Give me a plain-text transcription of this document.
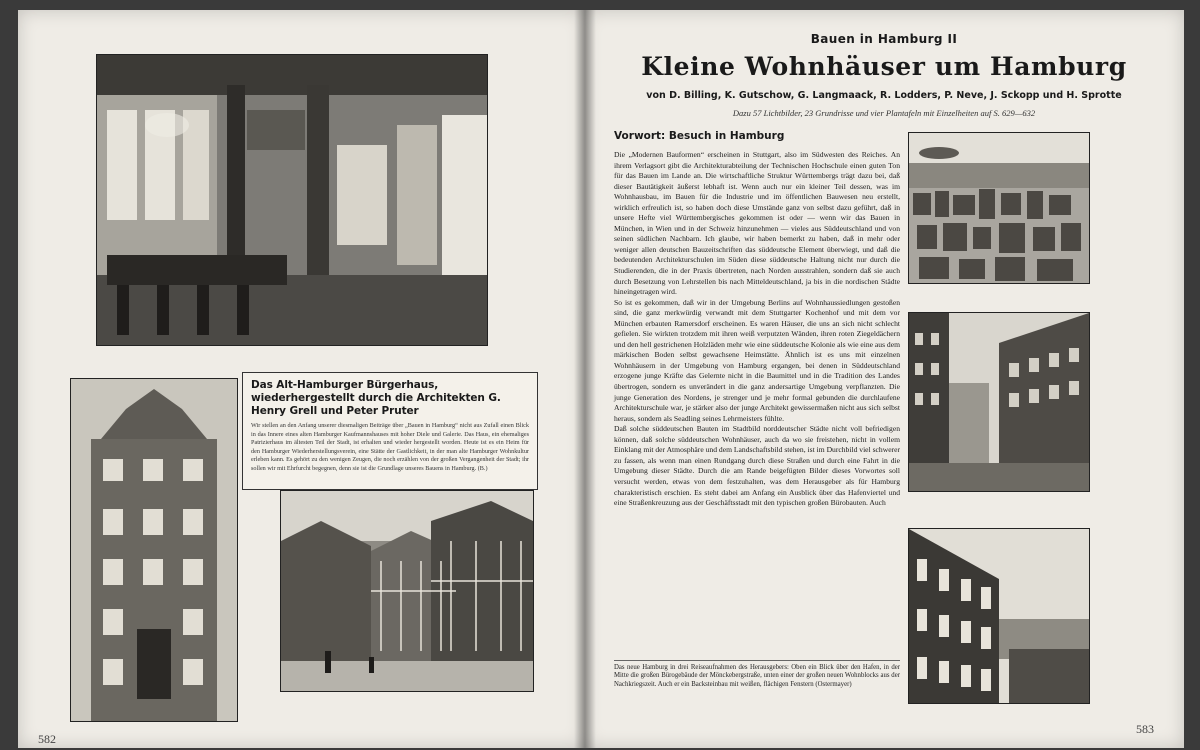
Das Alt-Hamburger Bürgerhaus, wiederhergestellt durch die Architekten G. Henry Grell und Peter Pruter

Wir stellen an den Anfang unserer diesmaligen Beiträge über „Bauen in Hamburg“ nicht aus Zufall einen Blick in das Innere eines alten Hamburger Kaufmannshauses mit hoher Diele und Galerie. Das Haus, ein ehemaliges Patrizierhaus im ältesten Teil der Stadt, ist erhalten und wieder hergestellt worden. Heute ist es ein Heim für den Hamburger Wiederherstellungsverein, eine Stätte der Gastlichkeit, in der man alte Hamburger Wohnkultur erleben kann. Es gehört zu den wenigen Zeugen, die noch erzählen von der großen Vergangenheit der Stadt; ihr sollen wir mit Ehrfurcht begegnen, denn sie ist die Grundlage unseres Bauens in Hamburg. (B.)

582
Bauen in Hamburg II
Kleine Wohnhäuser um Hamburg
von D. Billing, K. Gutschow, G. Langmaack, R. Lodders, P. Neve, J. Sckopp und H. Sprotte
Dazu 57 Lichtbilder, 23 Grundrisse und vier Plantafeln mit Einzelheiten auf S. 629—632
Vorwort: Besuch in Hamburg

Die „Modernen Bauformen“ erscheinen in Stuttgart, also im Südwesten des Reiches. An ihrem Verlagsort gibt die Architekturabteilung der Technischen Hochschule einen guten Ton für das Bauen im Lande an. Die wirtschaftliche Struktur Württembergs trägt dazu bei, daß dieser Bautätigkeit äußerst lebhaft ist. Wenn auch nur ein kleiner Teil dessen, was im Wohnhausbau, im Bauen für die Industrie und im öffentlichen Bauwesen neu erstellt, wirklich erfreulich ist, so haben doch diese Umstände ganz von selbst dazu geführt, daß in unsere Hefte viel Württembergisches gekommen ist oder — wenn wir das Bauen in München, in Wien und in der Schweiz hinzunehmen — vieles aus Süddeutschland und von seinen südlichen Nachbarn. Ich glaube, wir haben bemerkt zu haben, daß in mehr oder weniger allen deutschen Bauzeitschriften das süddeutsche Element überwiegt, und daß die bedeutenden Architekturschulen im Süden diese süddeutsche Haltung nicht nur durch die Studierenden, die in der Praxis übertreten, nach Norden ausstrahlen, sondern daß sie auch durch Besetzung von Lehrstellen bis nach Mitteldeutschland, ja bis in die nordischen Städte hineingetragen wird.

So ist es gekommen, daß wir in der Umgebung Berlins auf Wohnhaussiedlungen gestoßen sind, die ganz merkwürdig verwandt mit dem Stuttgarter Kochenhof und mit dem vor München erbauten Ramersdorf erscheinen. Es waren Häuser, die uns an sich nicht schlecht gefielen. Sie wirkten trotzdem mit ihren weiß verputzten Wänden, ihren roten Ziegeldächern und den hell gestrichenen Holzläden mehr wie eine süddeutsche Kolonie als wie eine aus dem märkischen Boden selbst gewachsene Heimstätte. Ähnlich ist es uns mit einzelnen Wohnhäusern in der Umgebung von Hamburg ergangen, bei denen in Süddeutschland erzogene junge Kräfte das Gelernte nicht in die Baumittel und in die Tradition des Landes übertrogen, sondern es unverändert in die ganz andersartige Umgebung verpflanzten. Die junge Generation des Nordens, je strenger und je mehr formal gebunden die durchlaufene Architekturschule war, je stärker also der junge Architekt gewissermaßen nicht aus sich selbst heraus, sondern als Seadling seines Lehrmeisters fühlte.

Daß solche süddeutschen Bauten im Stadtbild norddeutscher Städte nicht voll befriedigen können, daß solche süddeutschen Wohnhäuser, auch da wo sie freistehen, nicht in vollem Einklang mit der Atmosphäre und dem Landschaftsbild stehen, ist im Durchbild viel schwerer zu fassen, als wenn man einen Rundgang durch diese Straßen und durch eine Fahrt in die Umgebung dieser Städte. Durch die am Rande beigefügten Bilder dieses Vorwortes soll versucht werden, etwas von dem festzuhalten, was dem Herausgeber als für Hamburg charakteristisch erschien. Es steht dabei am Anfang ein Ausblick über das Hafenviertel und eine Straßenkreuzung aus der Geschäftsstadt mit den typischen großen Bürobauten. Auch

Das neue Hamburg in drei Reiseaufnahmen des Herausgebers: Oben ein Blick über den Hafen, in der Mitte die großen Bürogebäude der Mönckebergstraße, unten einer der großen neuen Wohnblocks aus der Nachkriegszeit. Auch er ein Backsteinbau mit weißen, flächigen Fenstern (Ostermayer)
583
